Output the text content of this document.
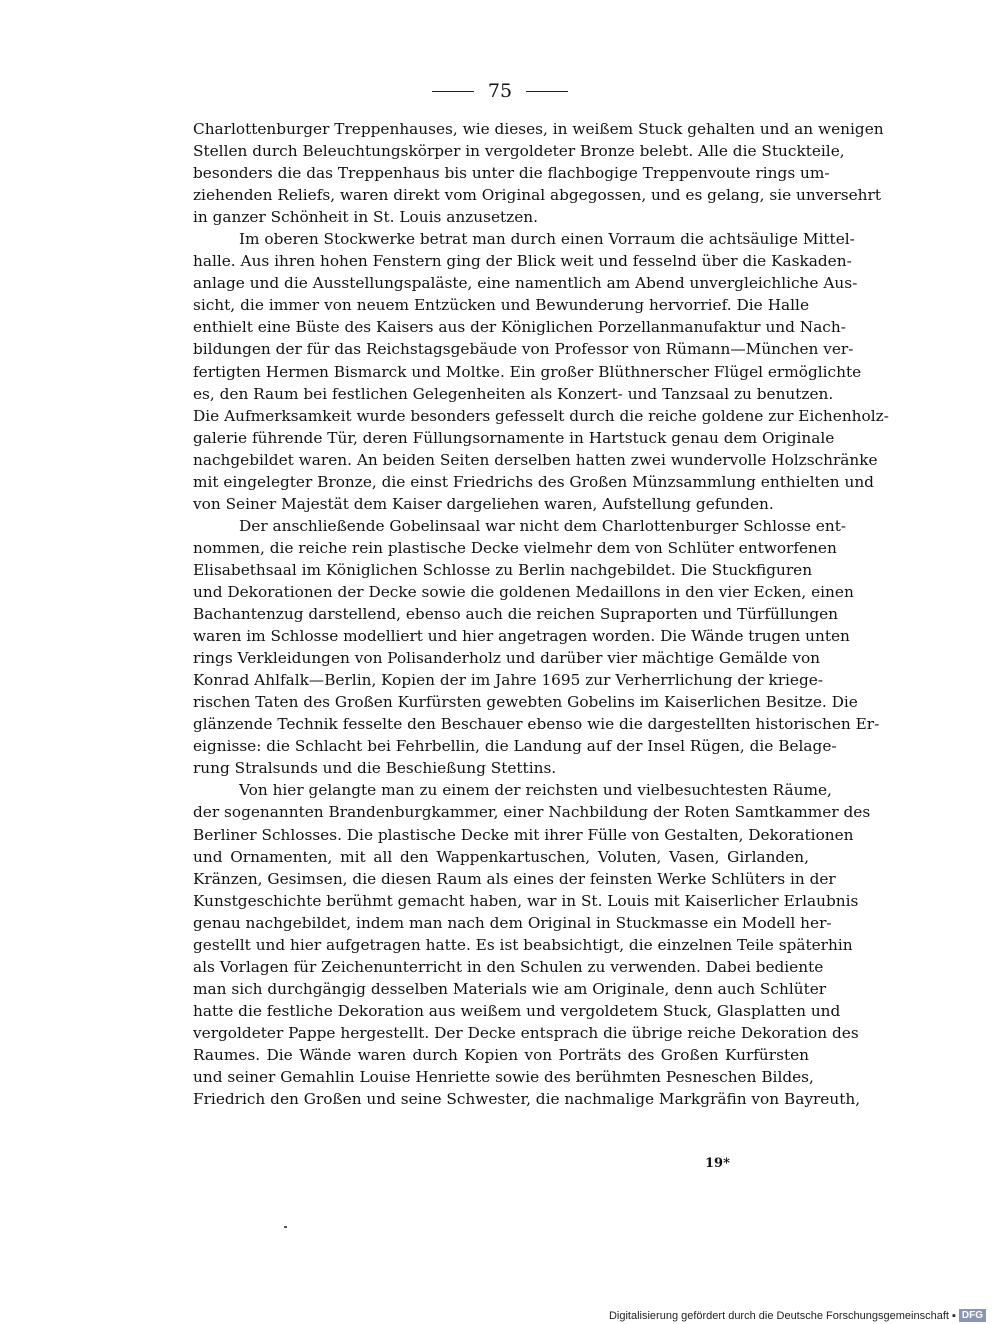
75
Charlottenburger Treppenhauses, wie dieses, in weißem Stuck gehalten und an wenigen
Stellen durch Beleuchtungskörper in vergoldeter Bronze belebt. Alle die Stuckteile,
besonders die das Treppenhaus bis unter die flachbogige Treppenvoute rings um-
ziehenden Reliefs, waren direkt vom Original abgegossen, und es gelang, sie unversehrt
in ganzer Schönheit in St. Louis anzusetzen.
Im oberen Stockwerke betrat man durch einen Vorraum die achtsäulige Mittel-
halle. Aus ihren hohen Fenstern ging der Blick weit und fesselnd über die Kaskaden-
anlage und die Ausstellungspaläste, eine namentlich am Abend unvergleichliche Aus-
sicht, die immer von neuem Entzücken und Bewunderung hervorrief. Die Halle
enthielt eine Büste des Kaisers aus der Königlichen Porzellanmanufaktur und Nach-
bildungen der für das Reichstagsgebäude von Professor von Rümann—München ver-
fertigten Hermen Bismarck und Moltke. Ein großer Blüthnerscher Flügel ermöglichte
es, den Raum bei festlichen Gelegenheiten als Konzert- und Tanzsaal zu benutzen.
Die Aufmerksamkeit wurde besonders gefesselt durch die reiche goldene zur Eichenholz-
galerie führende Tür, deren Füllungsornamente in Hartstuck genau dem Originale
nachgebildet waren. An beiden Seiten derselben hatten zwei wundervolle Holzschränke
mit eingelegter Bronze, die einst Friedrichs des Großen Münzsammlung enthielten und
von Seiner Majestät dem Kaiser dargeliehen waren, Aufstellung gefunden.
Der anschließende Gobelinsaal war nicht dem Charlottenburger Schlosse ent-
nommen, die reiche rein plastische Decke vielmehr dem von Schlüter entworfenen
Elisabethsaal im Königlichen Schlosse zu Berlin nachgebildet. Die Stuckfiguren
und Dekorationen der Decke sowie die goldenen Medaillons in den vier Ecken, einen
Bachantenzug darstellend, ebenso auch die reichen Supraporten und Türfüllungen
waren im Schlosse modelliert und hier angetragen worden. Die Wände trugen unten
rings Verkleidungen von Polisanderholz und darüber vier mächtige Gemälde von
Konrad Ahlfalk—Berlin, Kopien der im Jahre 1695 zur Verherrlichung der kriege-
rischen Taten des Großen Kurfürsten gewebten Gobelins im Kaiserlichen Besitze. Die
glänzende Technik fesselte den Beschauer ebenso wie die dargestellten historischen Er-
eignisse: die Schlacht bei Fehrbellin, die Landung auf der Insel Rügen, die Belage-
rung Stralsunds und die Beschießung Stettins.
Von hier gelangte man zu einem der reichsten und vielbesuchtesten Räume,
der sogenannten Brandenburgkammer, einer Nachbildung der Roten Samtkammer des
Berliner Schlosses. Die plastische Decke mit ihrer Fülle von Gestalten, Dekorationen
und Ornamenten, mit all den Wappenkartuschen, Voluten, Vasen, Girlanden,
Kränzen, Gesimsen, die diesen Raum als eines der feinsten Werke Schlüters in der
Kunstgeschichte berühmt gemacht haben, war in St. Louis mit Kaiserlicher Erlaubnis
genau nachgebildet, indem man nach dem Original in Stuckmasse ein Modell her-
gestellt und hier aufgetragen hatte. Es ist beabsichtigt, die einzelnen Teile späterhin
als Vorlagen für Zeichenunterricht in den Schulen zu verwenden. Dabei bediente
man sich durchgängig desselben Materials wie am Originale, denn auch Schlüter
hatte die festliche Dekoration aus weißem und vergoldetem Stuck, Glasplatten und
vergoldeter Pappe hergestellt. Der Decke entsprach die übrige reiche Dekoration des
Raumes. Die Wände waren durch Kopien von Porträts des Großen Kurfürsten
und seiner Gemahlin Louise Henriette sowie des berühmten Pesneschen Bildes,
Friedrich den Großen und seine Schwester, die nachmalige Markgräfin von Bayreuth,
19*
Digitalisierung gefördert durch die Deutsche Forschungsgemeinschaft ▪ DFG
